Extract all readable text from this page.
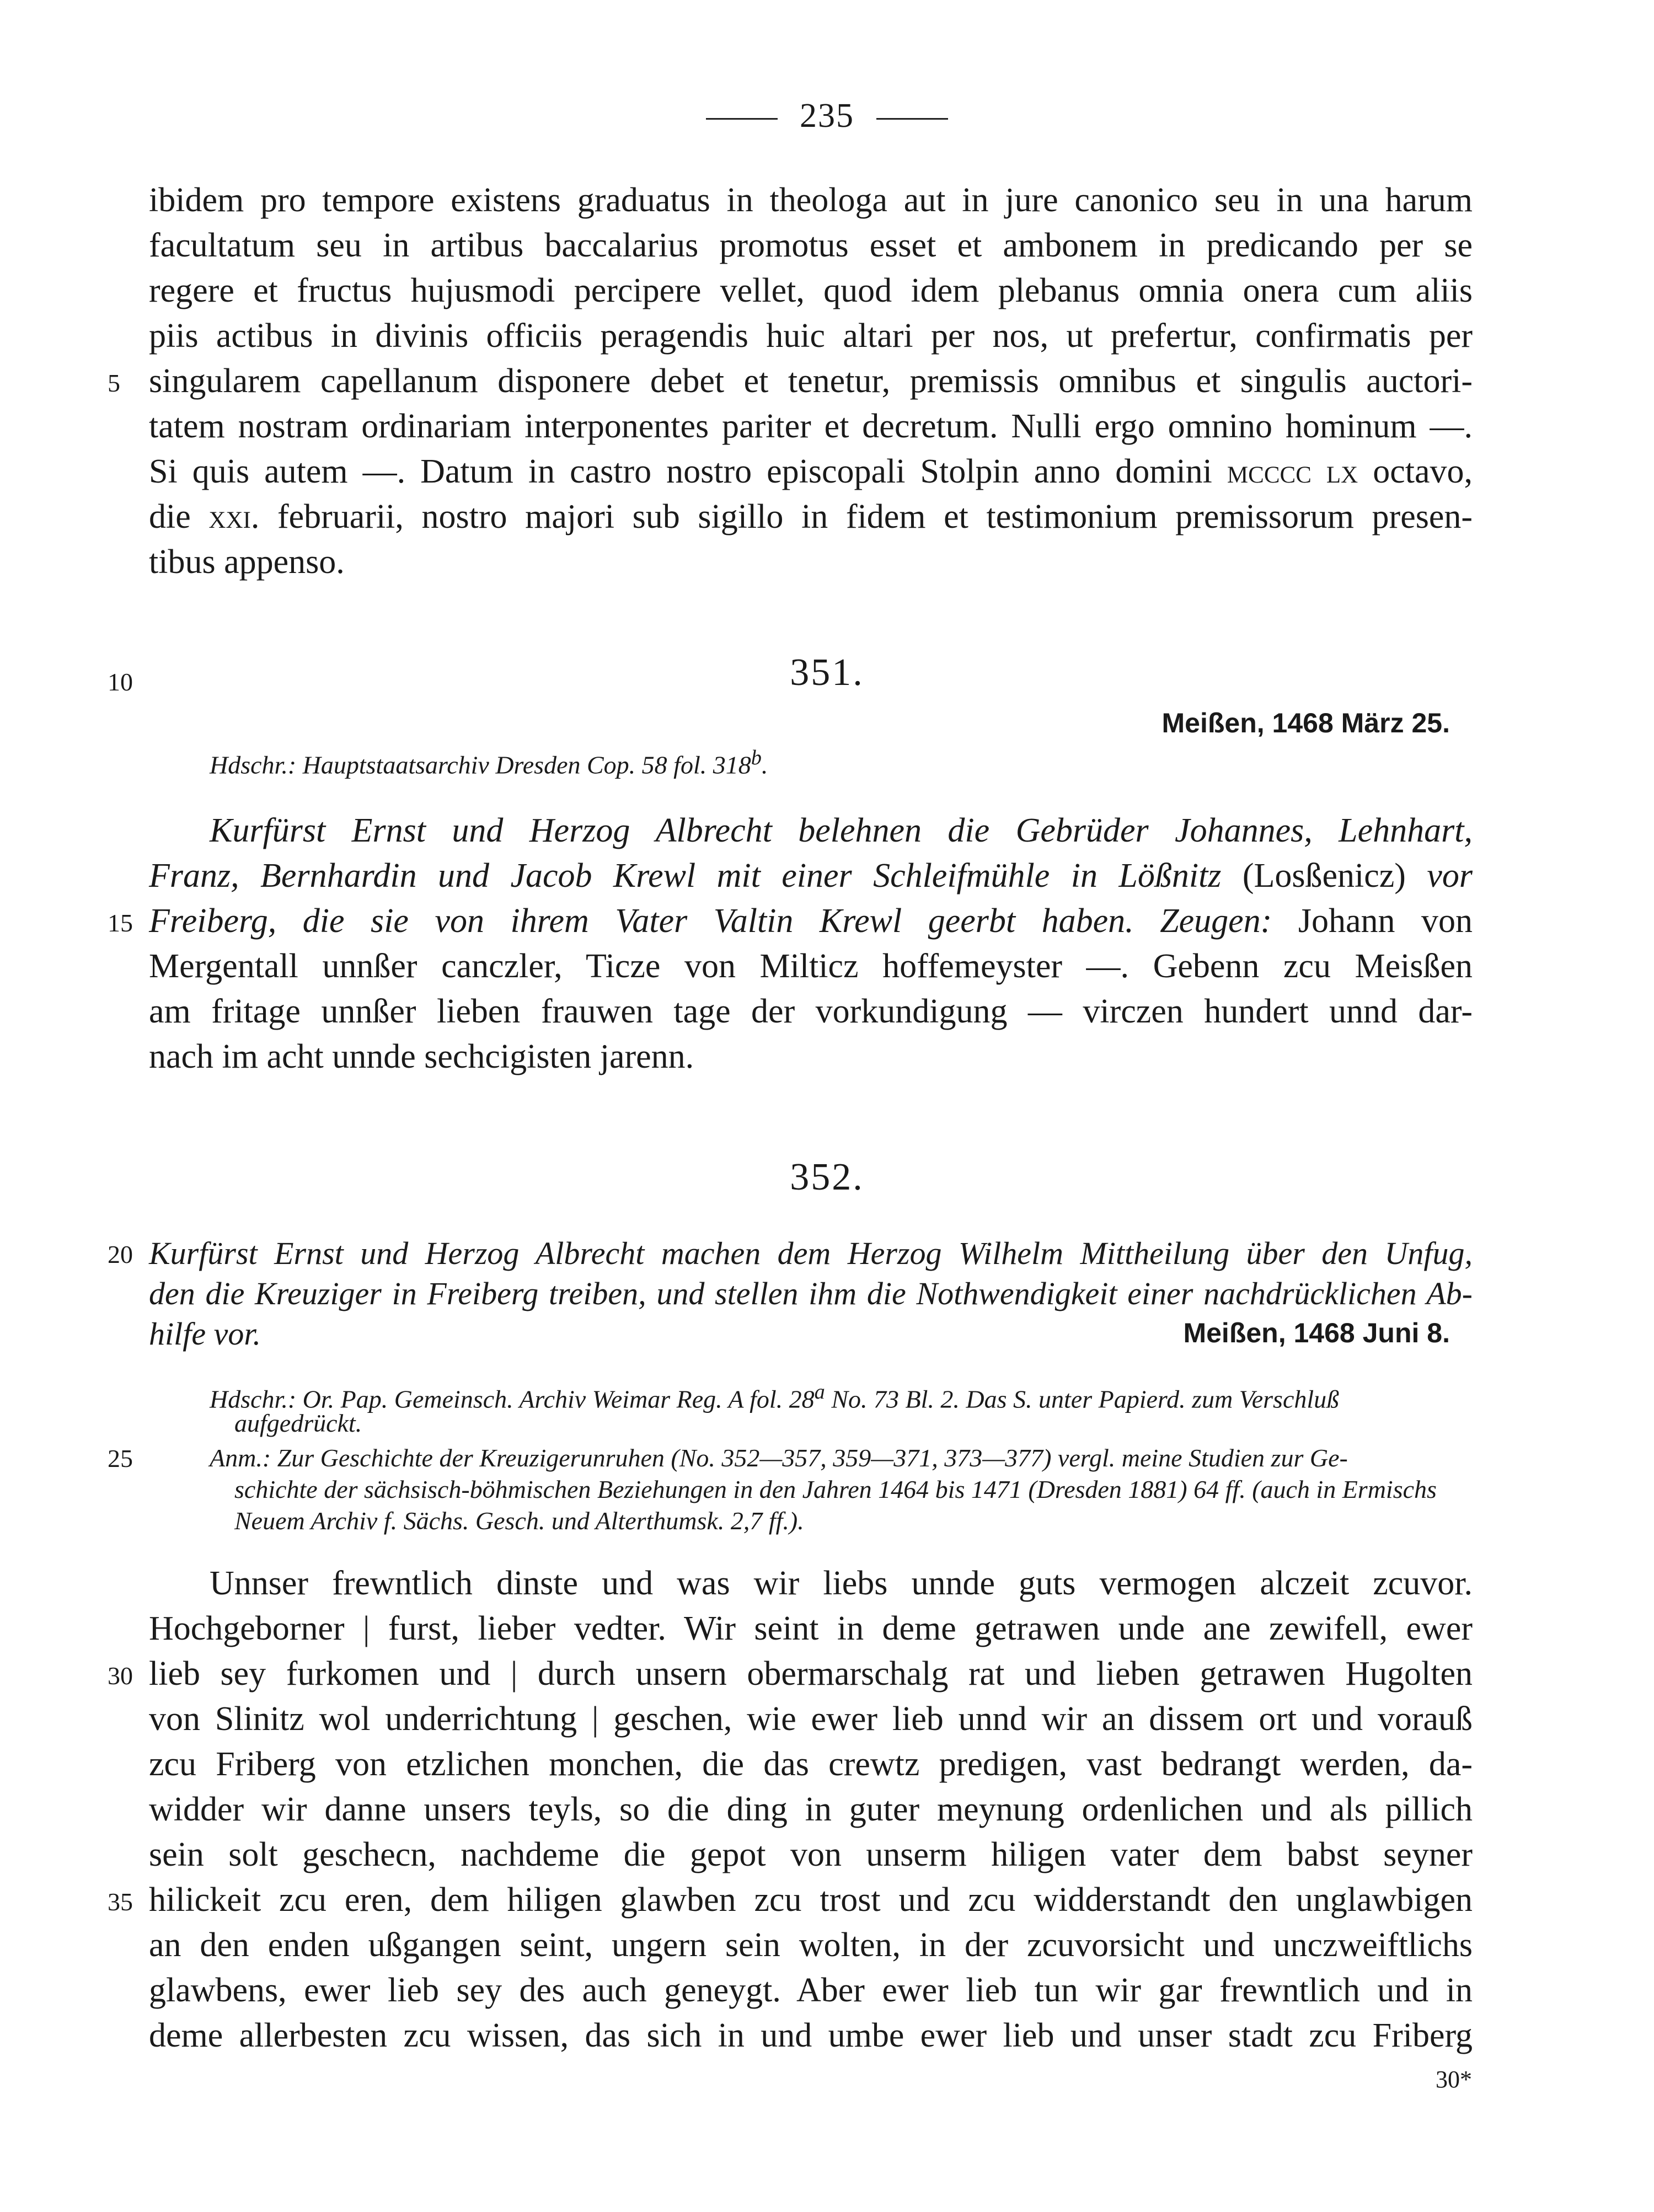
235
ibidem pro tempore existens graduatus in theologa aut in jure canonico seu in una harum
facultatum seu in artibus baccalarius promotus esset et ambonem in predicando per se
regere et fructus hujusmodi percipere vellet, quod idem plebanus omnia onera cum aliis
piis actibus in divinis officiis peragendis huic altari per nos, ut prefertur, confirmatis per
5 singularem capellanum disponere debet et tenetur, premissis omnibus et singulis auctori-
tatem nostram ordinariam interponentes pariter et decretum. Nulli ergo omnino hominum —.
Si quis autem —. Datum in castro nostro episcopali Stolpin anno domini mcccc lx octavo,
die xxi. februarii, nostro majori sub sigillo in fidem et testimonium premissorum presen-
tibus appenso.
10	351.
Meißen, 1468 März 25.
Hdschr.: Hauptstaatsarchiv Dresden Cop. 58 fol. 318$^b$.
Kurfürst Ernst und Herzog Albrecht belehnen die Gebrüder Johannes, Lehnhart,
Franz, Bernhardin und Jacob Krewl mit einer Schleifmühle in Lößnitz (Losßenicz) vor
15 Freiberg, die sie von ihrem Vater Valtin Krewl geerbt haben. Zeugen: Johann von
Mergentall unnßer canczler, Ticze von Milticz hoffemeyster —. Gebenn zcu Meisßen
am fritage unnßer lieben frauwen tage der vorkundigung — virczen hundert unnd dar-
nach im acht unnde sechcigisten jarenn.
352.
20 Kurfürst Ernst und Herzog Albrecht machen dem Herzog Wilhelm Mittheilung über den Unfug,
den die Kreuziger in Freiberg treiben, und stellen ihm die Nothwendigkeit einer nachdrücklichen Ab-
hilfe vor.	Meißen, 1468 Juni 8.
Hdschr.: Or. Pap. Gemeinsch. Archiv Weimar Reg. A fol. 28$^a$ No. 73 Bl. 2. Das S. unter Papierd. zum Verschluß
aufgedrückt.
25	Anm.: Zur Geschichte der Kreuzigerunruhen (No. 352—357, 359—371, 373—377) vergl. meine Studien zur Ge-
schichte der sächsisch-böhmischen Beziehungen in den Jahren 1464 bis 1471 (Dresden 1881) 64 ff. (auch in Ermischs
Neuem Archiv f. Sächs. Gesch. und Alterthumsk. 2,7 ff.).
Unnser frewntlich dinste und was wir liebs unnde guts vermogen alczeit zcuvor.
Hochgeborner | furst, lieber vedter. Wir seint in deme getrawen unde ane zewifell, ewer
30 lieb sey furkomen und | durch unsern obermarschalg rat und lieben getrawen Hugolten
von Slinitz wol underrichtung | geschen, wie ewer lieb unnd wir an dissem ort und vorauß
zcu Friberg von etzlichen monchen, die das crewtz predigen, vast bedrangt werden, da-
widder wir danne unsers teyls, so die ding in guter meynung ordenlichen und als pillich
sein solt geschecn, nachdeme die gepot von unserm hiligen vater dem babst seyner
35 hilickeit zcu eren, dem hiligen glawben zcu trost und zcu widderstandt den unglawbigen
an den enden ußgangen seint, ungern sein wolten, in der zcuvorsicht und unczweiftlichs
glawbens, ewer lieb sey des auch geneygt. Aber ewer lieb tun wir gar frewntlich und in
deme allerbesten zcu wissen, das sich in und umbe ewer lieb und unser stadt zcu Friberg
30*
